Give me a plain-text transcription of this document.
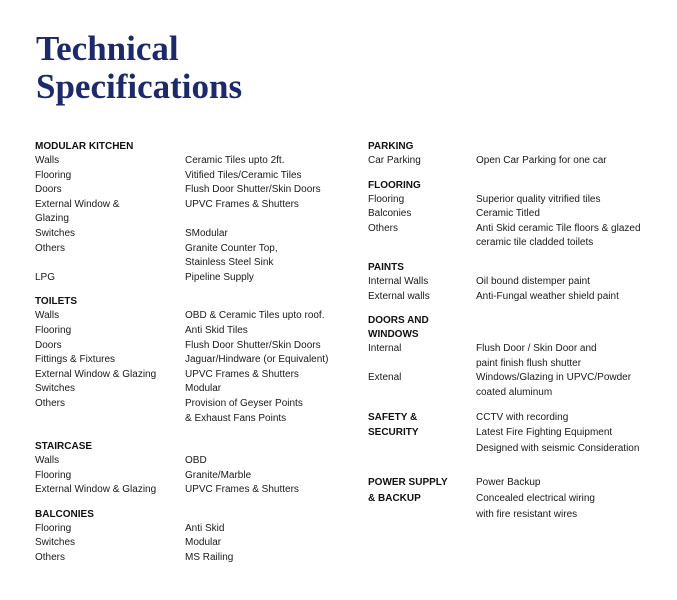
Technical
Specifications
MODULAR KITCHEN
Walls	Ceramic Tiles upto 2ft.
Flooring	Vitified Tiles/Ceramic Tiles
Doors	Flush Door Shutter/Skin Doors
External Window &	UPVC Frames & Shutters
Glazing
Switches	SModular
Others	Granite Counter Top,
Stainless Steel Sink
LPG	Pipeline Supply
TOILETS
Walls	OBD & Ceramic Tiles upto roof.
Flooring	Anti Skid Tiles
Doors	Flush Door Shutter/Skin Doors
Fittings & Fixtures	Jaguar/Hindware (or Equivalent)
External Window & Glazing	UPVC Frames & Shutters
Switches	Modular
Others	Provision of Geyser Points
& Exhaust Fans Points
STAIRCASE
Walls	OBD
Flooring	Granite/Marble
External Window & Glazing	UPVC Frames & Shutters
BALCONIES
Flooring	Anti Skid
Switches	Modular
Others	MS Railing
PARKING
Car Parking	Open Car Parking for one car
FLOORING
Flooring	Superior quality vitrified tiles
Balconies	Ceramic Titled
Others	Anti Skid ceramic Tile floors & glazed
ceramic tile cladded toilets
PAINTS
Internal Walls	Oil bound distemper paint
External walls	Anti-Fungal weather shield paint
DOORS AND
WINDOWS
Internal	Flush Door / Skin Door and
paint finish flush shutter
Extenal	Windows/Glazing in UPVC/Powder
coated aluminum
SAFETY &	CCTV with recording
SECURITY	Latest Fire Fighting Equipment
Designed with seismic Consideration
POWER SUPPLY	Power Backup
& BACKUP	Concealed electrical wiring
with fire resistant wires
